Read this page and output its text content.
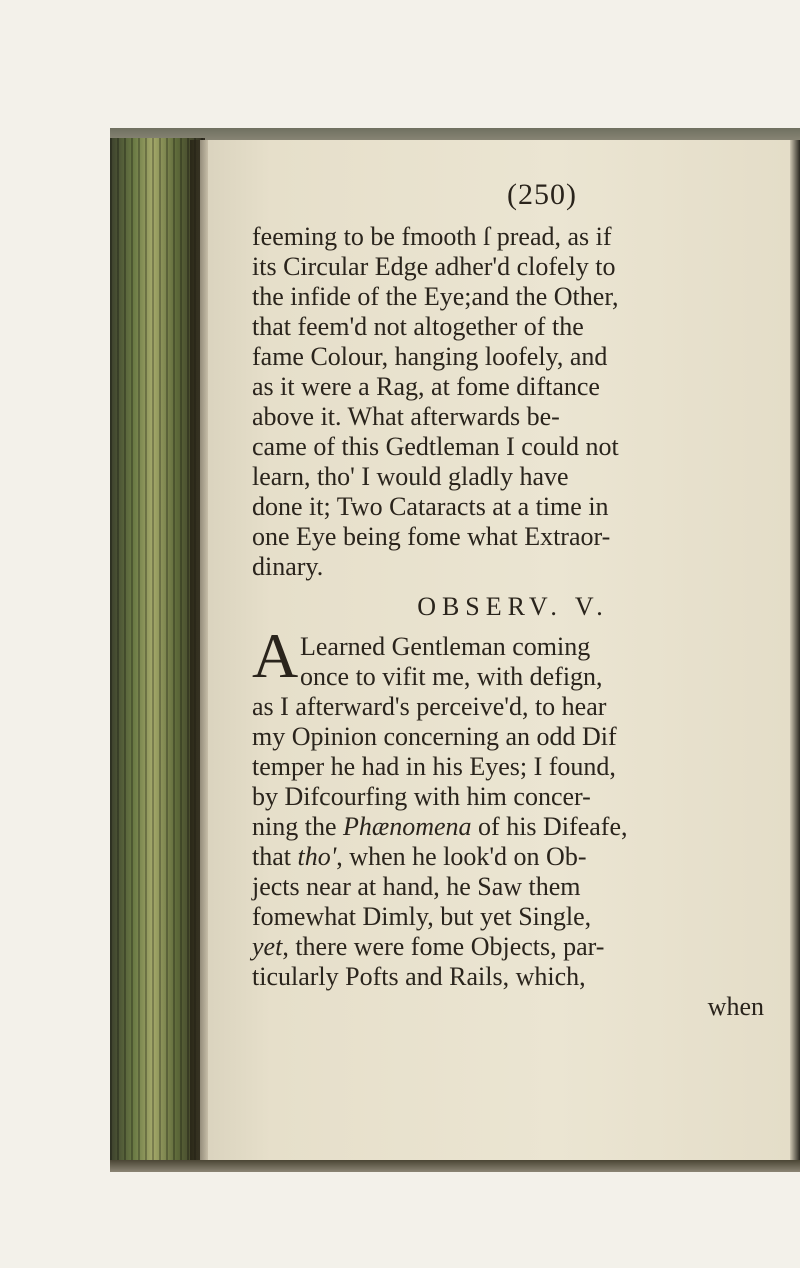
(250)

feeming to be fmooth ſ pread, as if

its Circular Edge adher'd clofely to

the infide of the Eye;and the Other,

that feem'd not altogether of the

fame Colour, hanging loofely, and

as it were a Rag, at fome diftance

above it. What afterwards be-

came of this Gedtleman I could not

learn, tho' I would gladly have

done it; Two Cataracts at a time in

one Eye being fome what Extraor-

dinary.

OBSERV. V.

A Learned Gentleman coming

once to vifit me, with defign,

as I afterward's perceive'd, to hear

my Opinion concerning an odd Dif

temper he had in his Eyes; I found,

by Difcourfing with him concer-

ning the Phænomena of his Difeafe,

that tho', when he look'd on Ob-

jects near at hand, he Saw them

fomewhat Dimly, but yet Single,

yet, there were fome Objects, par-

ticularly Pofts and Rails, which,

when
